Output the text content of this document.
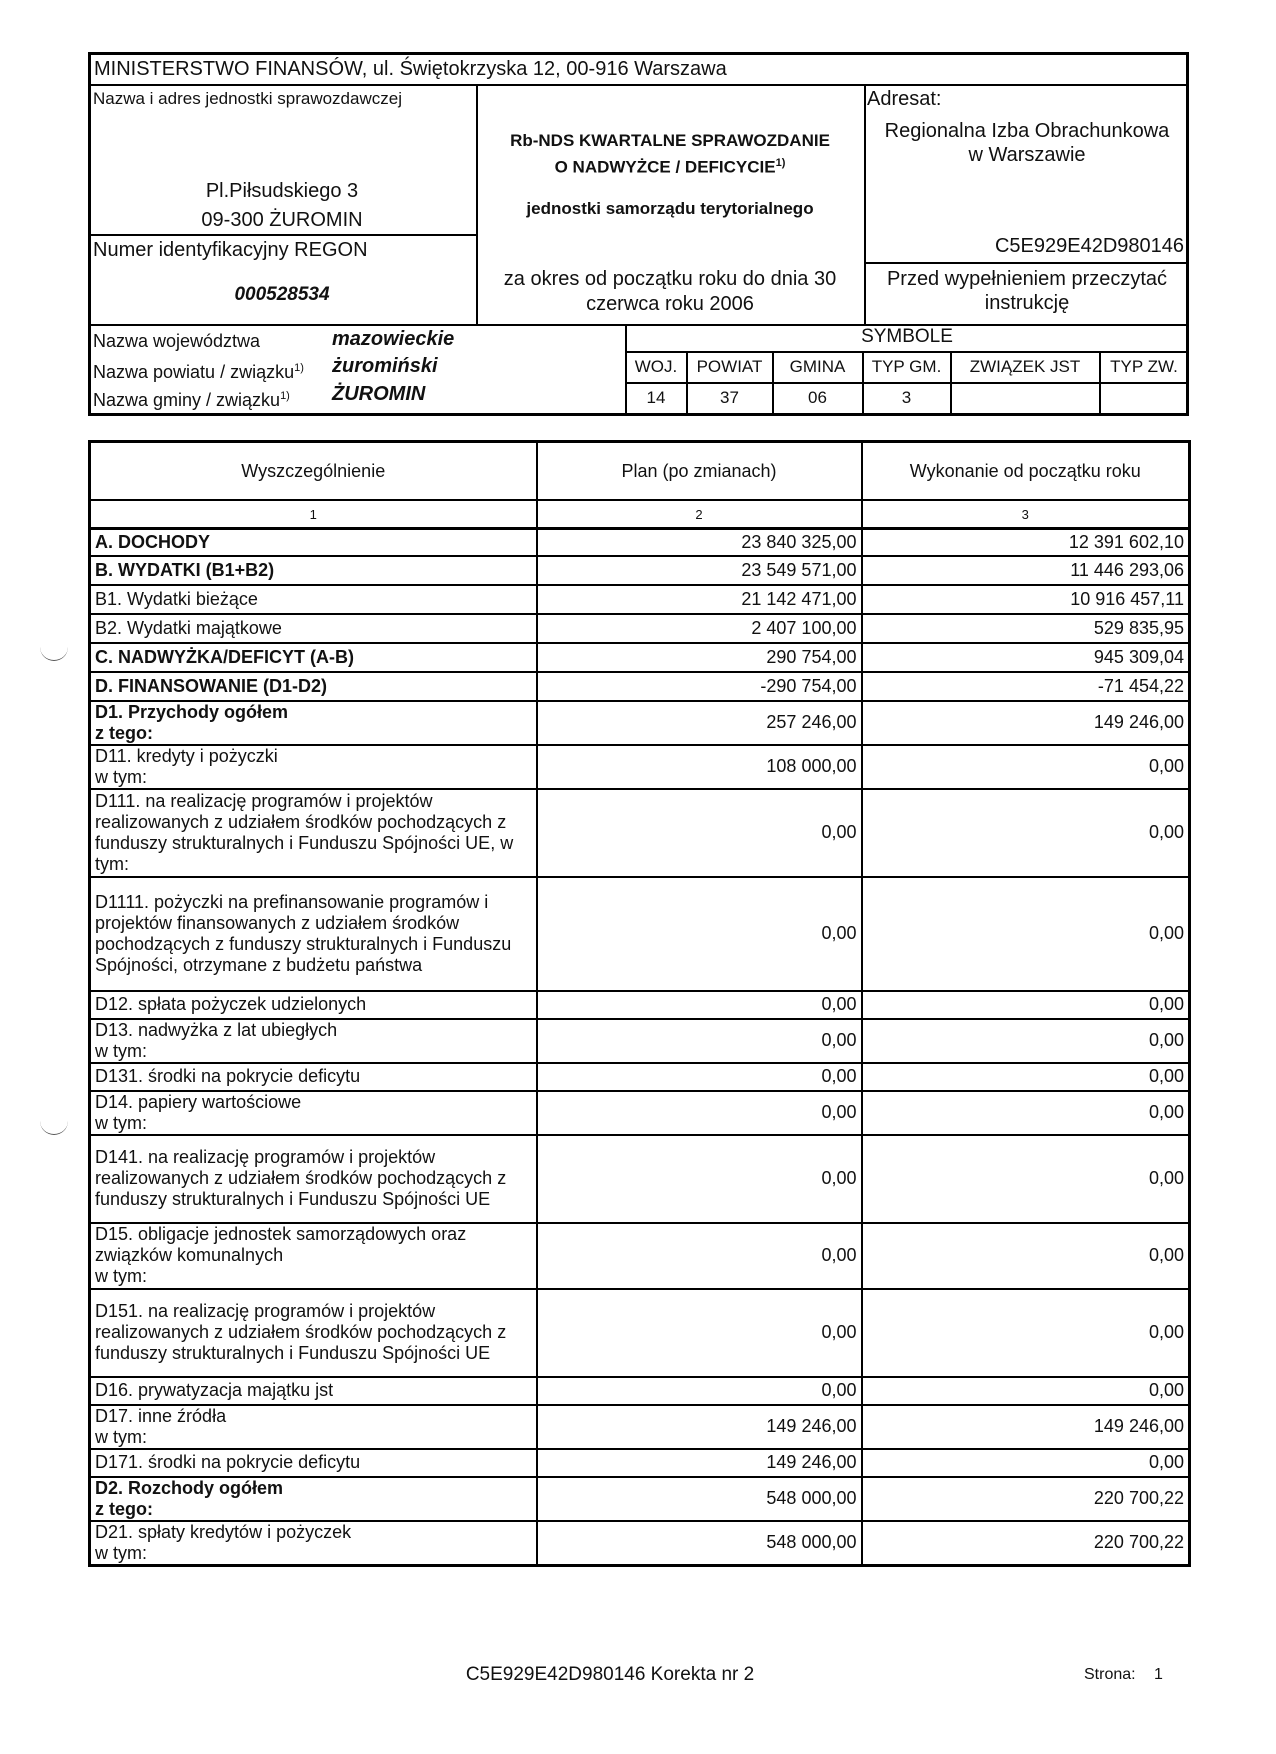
MINISTERSTWO FINANSÓW, ul. Świętokrzyska 12, 00-916 Warszawa
Nazwa i adres jednostki sprawozdawczej
Pl.Piłsudskiego 3
09-300 ŻUROMIN
Numer identyfikacyjny REGON
000528534
Rb-NDS KWARTALNE SPRAWOZDANIE
O NADWYŻCE / DEFICYCIE$^{1)}$
jednostki samorządu terytorialnego
za okres od początku roku do dnia 30
czerwca roku 2006
Adresat:
Regionalna Izba Obrachunkowa
w Warszawie
C5E929E42D980146
Przed wypełnieniem przeczytać
instrukcję
Nazwa województwa	mazowieckie
Nazwa powiatu / związku$^{1)}$ żuromiński
Nazwa gminy / związku$^{1)}$ ŻUROMIN
SYMBOLE
WOJ.	POWIAT	GMINA	TYP GM.	ZWIĄZEK JST	TYP ZW.
14	37	06	3
Wyszczególnienie	Plan (po zmianach)	Wykonanie od początku roku
1	2	3
A. DOCHODY	23 840 325,00	12 391 602,10
B. WYDATKI (B1+B2)	23 549 571,00	11 446 293,06
B1. Wydatki bieżące	21 142 471,00	10 916 457,11
B2. Wydatki majątkowe	2 407 100,00	529 835,95
C. NADWYŻKA/DEFICYT (A-B)	290 754,00	945 309,04
D. FINANSOWANIE (D1-D2)	-290 754,00	-71 454,22
D1. Przychody ogółem
z tego:	257 246,00	149 246,00
D11. kredyty i pożyczki
w tym:	108 000,00	0,00
D111. na realizację programów i projektów realizowanych z udziałem środków pochodzących z funduszy strukturalnych i Funduszu Spójności UE, w tym:	0,00	0,00
D1111. pożyczki na prefinansowanie programów i projektów finansowanych z udziałem środków pochodzących z funduszy strukturalnych i Funduszu Spójności, otrzymane z budżetu państwa	0,00	0,00
D12. spłata pożyczek udzielonych	0,00	0,00
D13. nadwyżka z lat ubiegłych
w tym:	0,00	0,00
D131. środki na pokrycie deficytu	0,00	0,00
D14. papiery wartościowe
w tym:	0,00	0,00
D141. na realizację programów i projektów realizowanych z udziałem środków pochodzących z funduszy strukturalnych i Funduszu Spójności UE	0,00	0,00
D15. obligacje jednostek samorządowych oraz związków komunalnych
w tym:	0,00	0,00
D151. na realizację programów i projektów realizowanych z udziałem środków pochodzących z funduszy strukturalnych i Funduszu Spójności UE	0,00	0,00
D16. prywatyzacja majątku jst	0,00	0,00
D17. inne źródła
w tym:	149 246,00	149 246,00
D171. środki na pokrycie deficytu	149 246,00	0,00
D2. Rozchody ogółem
z tego:	548 000,00	220 700,22
D21. spłaty kredytów i pożyczek
w tym:	548 000,00	220 700,22
C5E929E42D980146 Korekta nr 2	Strona: 1
